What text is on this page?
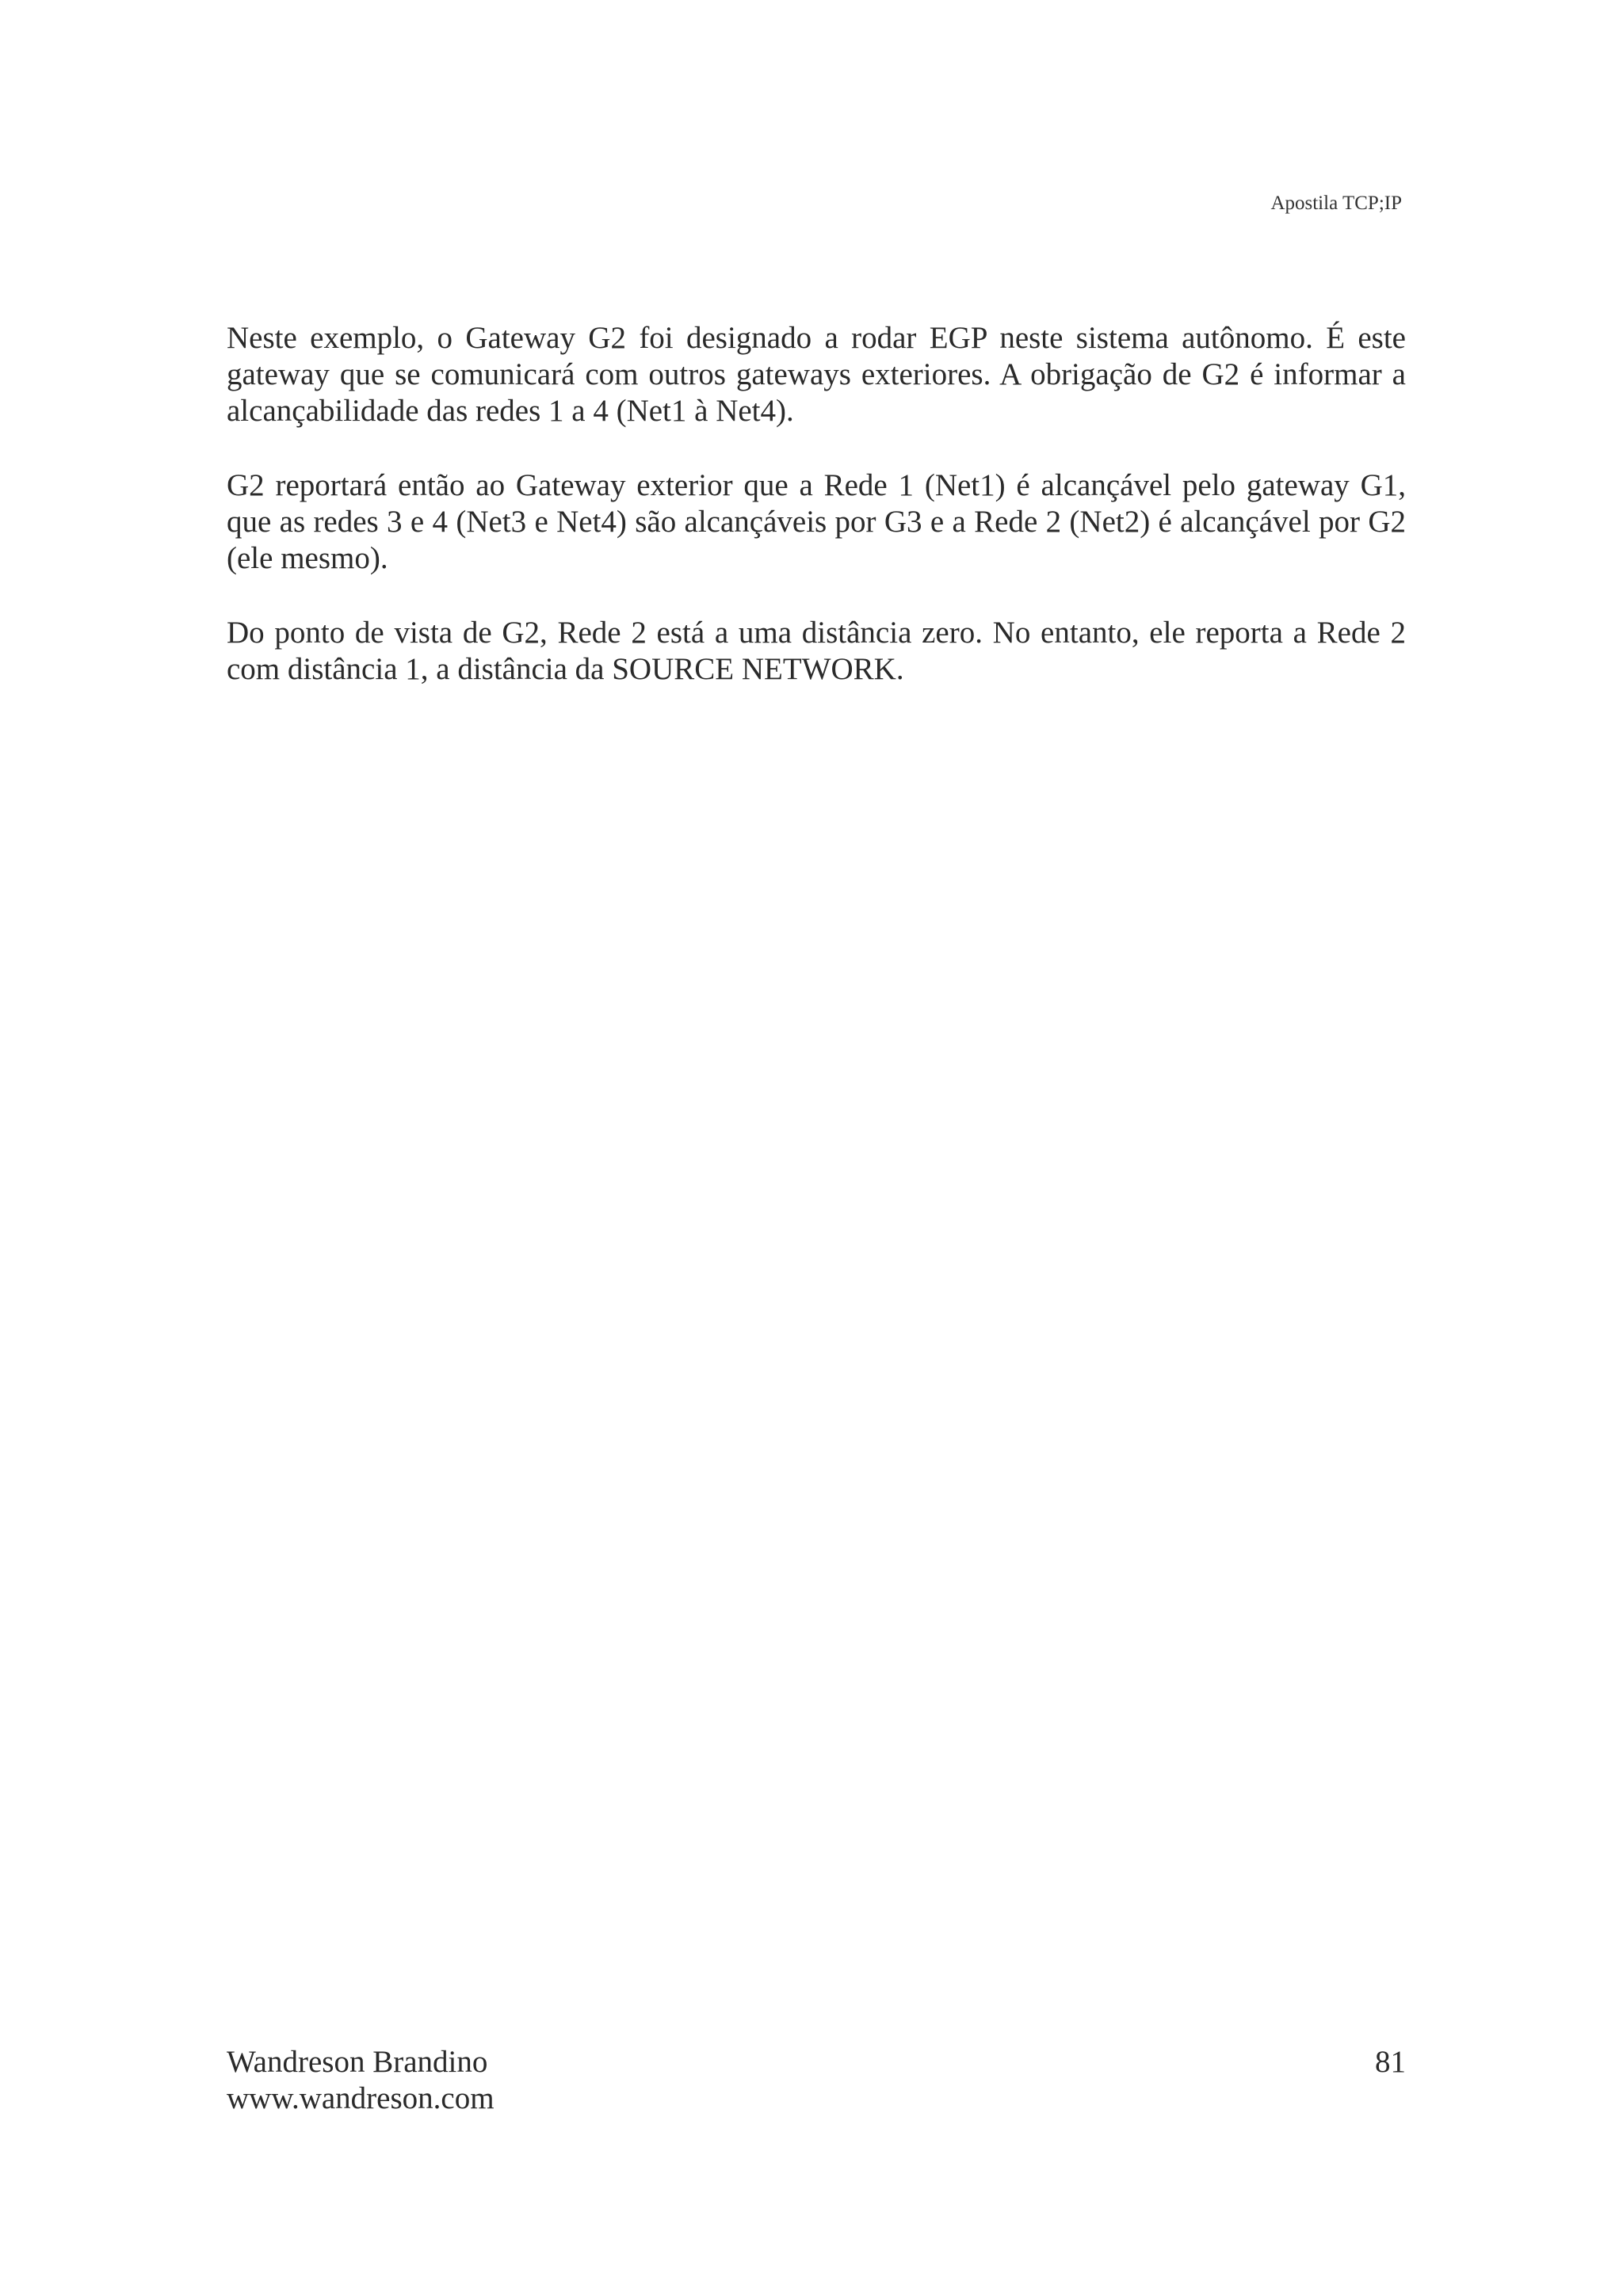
Apostila TCP;IP

Neste exemplo, o Gateway G2 foi designado a rodar EGP neste sistema autônomo. É este gateway que se comunicará com outros gateways exteriores. A obrigação de G2 é informar a alcançabilidade das redes 1 a 4 (Net1 à Net4).

G2 reportará então ao Gateway exterior que a Rede 1 (Net1) é alcançável pelo gateway G1, que as redes 3 e 4 (Net3 e Net4) são alcançáveis por G3 e a Rede 2 (Net2) é alcançável por G2 (ele mesmo).

Do ponto de vista de G2, Rede 2 está a uma distância zero. No entanto, ele reporta a Rede 2 com distância 1, a distância da SOURCE NETWORK.

Wandreson Brandino
www.wandreson.com
81
